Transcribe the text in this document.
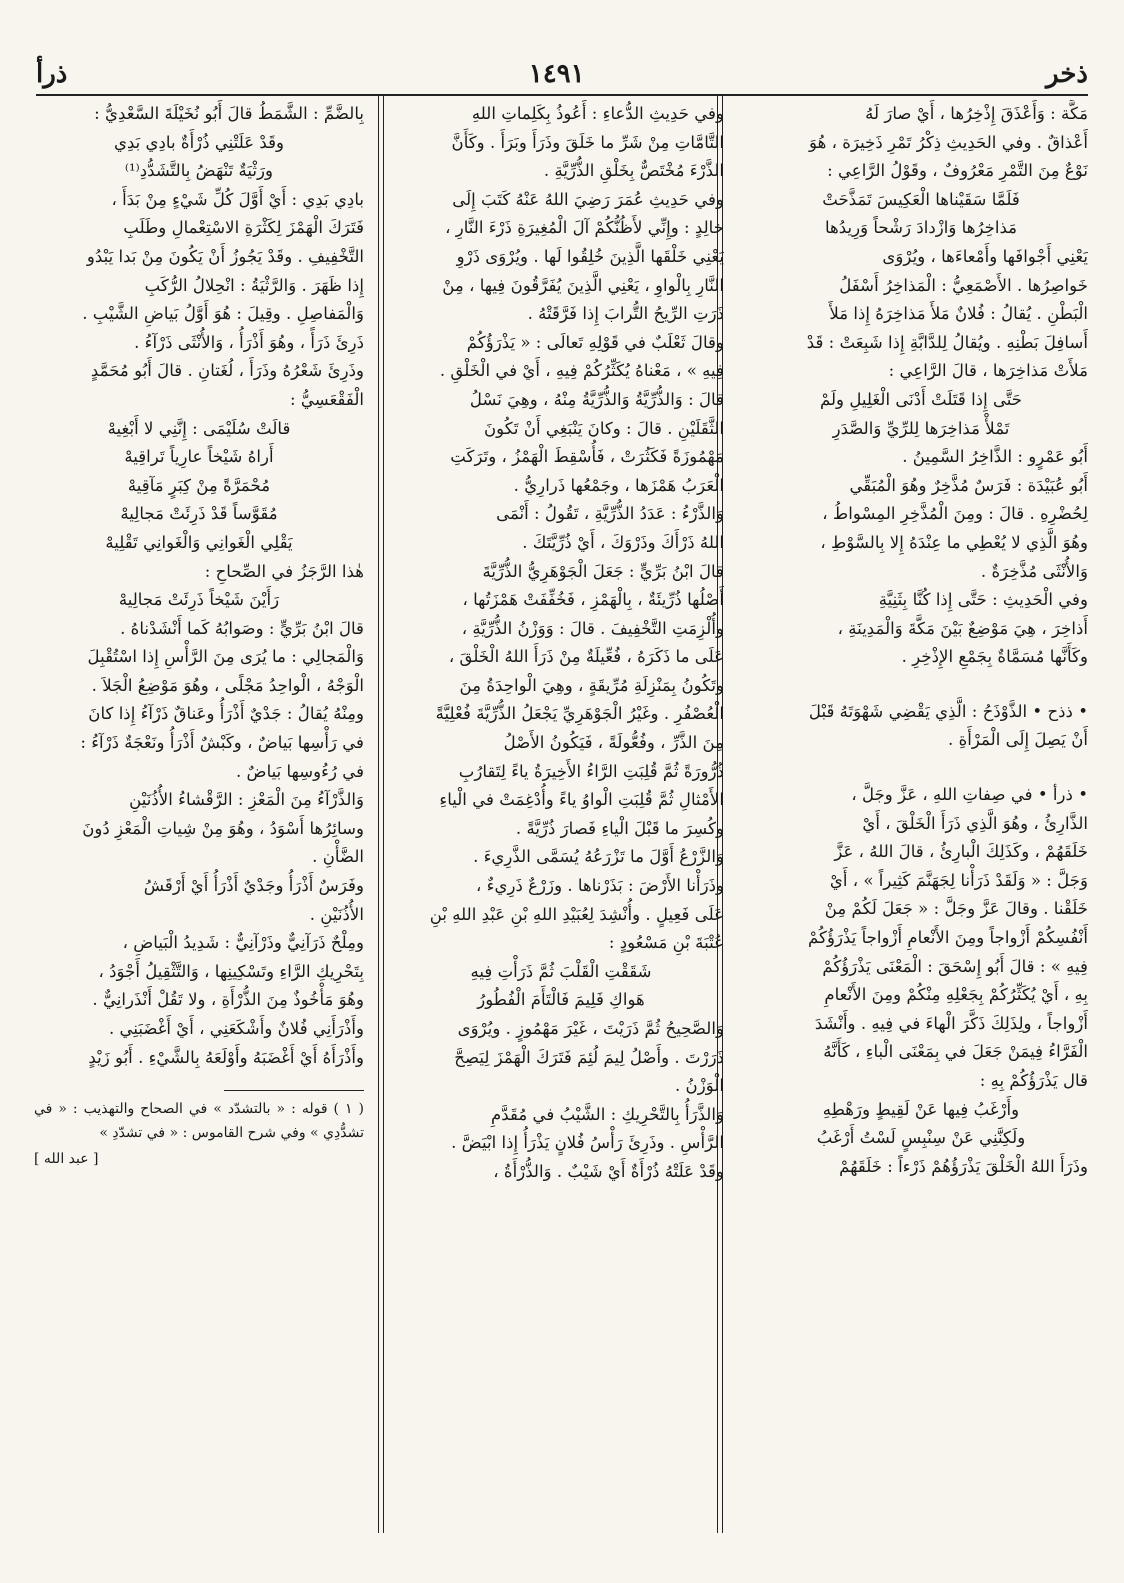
ذخر
١٤٩١
ذرأ

مَكَّة : وَأَعْذَقَ إِذْخِرُها ، أَيْ صارَ لَهُ

أَعْذاقٌ . وفي الحَدِيثِ ذِكْرُ تَمْرِ ذَخِيرَة ، هُوَ

نَوْعٌ مِنَ التَّمْرِ مَعْرُوفٌ ، وقَوْلُ الرَّاعِي :

فَلَمَّا سَقَيْناها الْعَكِيسَ تَمَذَّحَتْ

مَذاخِرُها وَازْدادَ رَشْحاً وَرِيدُها

يَعْنِي أَجْوافَها وأَمْعاءَها ، ويُرْوَى

خَواصِرُها . الأَصْمَعِيُّ : الْمَذاخِرُ أَسْفَلُ

الْبَطْنِ . يُقالُ : فُلانٌ مَلأَ مَذاخِرَهُ إِذا مَلأَ

أَسافِلَ بَطْنِهِ . ويُقالُ لِلدَّابَّةِ إِذا شَبِعَتْ : قَدْ

مَلأَتْ مَذاخِرَها ، قالَ الرَّاعِي :

حَتَّى إِذا قَتَلَتْ أَدْنَى الْغَلِيلِ ولَمْ

تَمْلأْ مَذاخِرَها لِلرِّيِّ وَالصَّدَرِ

أَبُو عَمْرٍو : الذَّاخِرُ السَّمِينُ .

أَبُو عُبَيْدَة : فَرَسٌ مُذَّخِرٌ وهُوَ الْمُبَقِّي

لِحُضْرِهِ . قالَ : ومِنَ الْمُذَّخِرِ المِسْواطُ ،

وهُوَ الَّذِي لا يُعْطِي ما عِنْدَهُ إِلا بِالسَّوْطِ ،

وَالأُنْثَى مُذَّخِرَةٌ .

وفي الْحَدِيثِ : حَتَّى إِذا كُنَّا بِثَنِيَّةِ

أَذاخِرَ ، هِيَ مَوْضِعٌ بَيْنَ مَكَّةَ وَالْمَدِينَةِ ،

وكَأَنَّها مُسَمَّاةٌ بِجَمْعِ الإِذْخِرِ .

• ذذح • الذَّوْذَحُ : الَّذِي يَقْضِي شَهْوَتَهُ قَبْلَ

أَنْ يَصِلَ إِلَى الْمَرْأَةِ .

• ذرأ • في صِفاتِ اللهِ ، عَزَّ وجَلَّ ،

الذَّارِئُ ، وهُوَ الَّذِي ذَرَأَ الْخَلْقَ ، أَيْ

خَلَقَهُمْ ، وكَذَلِكَ الْبارِئُ ، قالَ اللهُ ، عَزَّ

وَجَلَّ : « وَلَقَدْ ذَرَأْنا لِجَهَنَّمَ كَثِيراً » ، أَيْ

خَلَقْنا . وقالَ عَزَّ وجَلَّ : « جَعَلَ لَكُمْ مِنْ

أَنْفُسِكُمْ أَزْواجاً ومِنَ الأَنْعامِ أَزْواجاً يَذْرَؤُكُمْ

فِيهِ » : قالَ أَبُو إِسْحَقَ : الْمَعْنَى يَذْرَؤُكُمْ

بِهِ ، أَيْ يُكَثِّرُكُمْ بِجَعْلِهِ مِنْكُمْ ومِنَ الأَنْعامِ

أَزْواجاً ، ولِذَلِكَ ذَكَّرَ الْهاءَ في فِيهِ . وأَنْشَدَ

الْفَرَّاءُ فِيمَنْ جَعَلَ في بِمَعْنَى الْباءِ ، كَأَنَّهُ

قال يَذْرَؤُكُمْ بِهِ :

وأَرْغَبُ فِيها عَنْ لَقِيطٍ ورَهْطِهِ

ولَكِنَّنِي عَنْ سِنْبِسٍ لَسْتُ أَرْغَبُ

وذَرَأَ اللهُ الْخَلْقَ يَذْرَؤُهُمْ ذَرْءاً : خَلَقَهُمْ

وفي حَدِيثِ الدُّعاءِ : أَعُوذُ بِكَلِماتِ اللهِ

التَّامَّاتِ مِنْ شَرِّ ما خَلَقَ وذَرَأَ وبَرَأَ . وكَأَنَّ

الذَّرْءَ مُخْتَصٌّ بِخَلْقِ الذُّرِّيَّةِ .

وفي حَدِيثِ عُمَرَ رَضِيَ اللهُ عَنْهُ كَتَبَ إِلَى

خالِدٍ : وإِنِّي لأَظُنُّكُمْ آلَ الْمُغِيرَةِ ذَرْءَ النَّارِ ،

يَعْنِي خَلْقَها الَّذِينَ خُلِقُوا لَها . ويُرْوَى ذَرْوِ

النَّارِ بِالْواوِ ، يَعْنِي الَّذِينَ يُفَرَّقُونَ فِيها ، مِنْ

ذَرَتِ الرِّيحُ التُّرابَ إِذا فَرَّقَتْهُ .

وقالَ ثَعْلَبٌ في قَوْلِهِ تَعالَى : « يَذْرَؤُكُمْ

فِيهِ » ، مَعْناهُ يُكَثِّرُكُمْ فِيهِ ، أَيْ في الْخَلْقِ .

قالَ : وَالذُّرِّيَّةُ وَالذُّرِّيَّةُ مِنْهُ ، وهِيَ نَسْلُ

الثَّقَلَيْنِ . قالَ : وكانَ يَنْبَغِي أَنْ تَكُونَ

مَهْمُوزَةً فَكَثُرَتْ ، فَأُسْقِطَ الْهَمْزُ ، وتَرَكَتِ

الْعَرَبُ هَمْزَها ، وجَمْعُها ذَرارِيُّ .

وَالذَّرْءُ : عَدَدُ الذُّرِّيَّةِ ، تَقُولُ : أَنْمَى

اللهُ ذَرْأَكَ وذَرْوَكَ ، أَيْ ذُرِّيَّتَكَ .

قالَ ابْنُ بَرِّيٍّ : جَعَلَ الْجَوْهَرِيُّ الذُّرِّيَّةَ

أَصْلُها ذُرِّيئَةٌ ، بِالْهَمْزِ ، فَخُفِّفَتْ هَمْزَتُها ،

وأُلْزِمَتِ التَّخْفِيفَ . قالَ : وَوَزْنُ الذُّرِّيَّةِ ،

عَلَى ما ذَكَرَهُ ، فُعِّيلَةٌ مِنْ ذَرَأَ اللهُ الْخَلْقَ ،

وتَكُونُ بِمَنْزِلَةِ مُرِّيقَةٍ ، وهِيَ الْواحِدَةُ مِنَ

الْعُصْفُرِ . وغَيْرُ الْجَوْهَرِيِّ يَجْعَلُ الذُّرِّيَّةَ فُعْلِيَّةً

مِنَ الذَّرِّ ، وفُعُّولَةً ، فَيَكُونُ الأَصْلُ

ذُرُّورَةً ثُمَّ قُلِبَتِ الرَّاءُ الأَخِيرَةُ ياءً لِتَقارُبِ

الأَمْثالِ ثُمَّ قُلِبَتِ الْواوُ ياءً وأُدْغِمَتْ في الْياءِ

وكُسِرَ ما قَبْلَ الْياءِ فَصارَ ذُرِّيَّةً .

وَالزَّرْعُ أَوَّلَ ما تَزْرَعُهُ يُسَمَّى الذَّرِيءَ .

وذَرَأْنا الأَرْضَ : بَذَرْناها . وزَرْعٌ ذَرِيءٌ ،

عَلَى فَعِيلٍ . وأُنْشِدَ لِعُبَيْدِ اللهِ بْنِ عَبْدِ اللهِ بْنِ

عُتْبَةَ بْنِ مَسْعُودٍ :

شَقَقْتِ الْقَلْبَ ثُمَّ ذَرَأْتِ فِيهِ

هَواكِ فَلِيمَ فَالْتَأَمَ الْفُطُورُ

وَالصَّحِيحُ ثُمَّ ذَرَيْتَ ، غَيْرَ مَهْمُوزٍ . ويُرْوَى

ذَرَرْتَ . وأَصْلُ لِيمَ لُئِمَ فَتَرَكَ الْهَمْزَ لِيَصِحَّ

الْوَزْنُ .

وَالذَّرَأُ بِالتَّحْرِيكِ : الشَّيْبُ في مُقَدَّمِ

الرَّأْسِ . وذَرِئَ رَأْسُ فُلانٍ يَذْرَأُ إِذا ابْيَضَّ .

وقَدْ عَلَتْهُ ذُرْأَةٌ أَيْ شَيْبٌ . وَالذُّرْأَةُ ،

بِالضَّمِّ : الشَّمَطُ قالَ أَبُو نُخَيْلَةَ السَّعْدِيُّ :

وقَدْ عَلَتْنِي ذُرْأَةٌ بادِي بَدِي

ورَثْيَةٌ تَنْهَضُ بِالتَّشَدُّدِ⁽¹⁾

بادِي بَدِي : أَيْ أَوَّلَ كُلِّ شَيْءٍ مِنْ بَدَأَ ،

فَتَرَكَ الْهَمْزَ لِكَثْرَةِ الاسْتِعْمالِ وطَلَبِ

التَّخْفِيفِ . وقَدْ يَجُوزُ أَنْ يَكُونَ مِنْ بَدا يَبْدُو

إِذا ظَهَرَ . وَالرَّثْيَةُ : انْحِلالُ الرُّكَبِ

وَالْمَفاصِلِ . وقِيلَ : هُوَ أَوَّلُ بَياضِ الشَّيْبِ .

ذَرِئَ ذَرَأً ، وهُوَ أَذْرَأُ ، وَالأُنْثَى ذَرْآءُ .

وذَرِئَ شَعْرُهُ وذَرَأَ ، لُغَتانِ . قالَ أَبُو مُحَمَّدٍ

الْفَقْعَسِيُّ :

قالَتْ سُلَيْمَى : إِنَّنِي لا أَبْغِيهْ

أَراهُ شَيْخاً عارِياً تَراقِيهْ

مُحْمَرَّةً مِنْ كِبَرٍ مَآقِيهْ

مُقَوَّساً قَدْ ذَرِئَتْ مَجالِيهْ

يَقْلِي الْغَوانِي وَالْغَوانِي تَقْلِيهْ

هٰذا الرَّجَزُ في الصِّحاحِ :

رَأَيْنَ شَيْخاً ذَرِئَتْ مَجالِيهْ

قالَ ابْنُ بَرِّيٍّ : وصَوابُهُ كَما أَنْشَدْناهُ .

وَالْمَجالِي : ما يُرَى مِنَ الرَّأْسِ إِذا اسْتُقْبِلَ

الْوَجْهُ ، الْواحِدُ مَجْلًى ، وهُوَ مَوْضِعُ الْجَلاَ .

ومِنْهُ يُقالُ : جَدْيٌ أَذْرَأُ وعَناقٌ ذَرْآءُ إِذا كانَ

في رَأْسِها بَياضٌ ، وكَبْشٌ أَذْرَأُ ونَعْجَةٌ ذَرْآءُ :

في رُءُوسِها بَياضٌ .

وَالذَّرْآءُ مِنَ الْمَعْزِ : الرَّقْشاءُ الأُذُنَيْنِ

وسائِرُها أَسْوَدُ ، وهُوَ مِنْ شِياتِ الْمَعْزِ دُونَ

الضَّأْنِ .

وفَرَسٌ أَذْرَأُ وجَدْيٌ أَذْرَأُ أَيْ أَرْقَشُ

الأُذُنَيْنِ .

ومِلْحٌ ذَرَآنِيٌّ وذَرْآنِيٌّ : شَدِيدُ الْبَياضِ ،

بِتَحْرِيكِ الرَّاءِ وتَسْكِينِها ، وَالتَّثْقِيلُ أَجْوَدُ ،

وهُوَ مَأْخُوذٌ مِنَ الذُّرْأَةِ ، ولا تَقُلْ أَنْذَرانِيٌّ .

وأَذْرَأَنِي فُلانٌ وأَشْكَعَنِي ، أَيْ أَغْضَبَنِي .

وأَذْرَأَهُ أَيْ أَغْضَبَهُ وأَوْلَعَهُ بِالشَّيْءِ . أَبُو زَيْدٍ

( ١ ) قوله : « بالتشدّد » في الصحاح والتهذيب : « في تشدُّدِي » وفي شرح القاموس : « في تشدّدِ »

[ عبد الله ]
